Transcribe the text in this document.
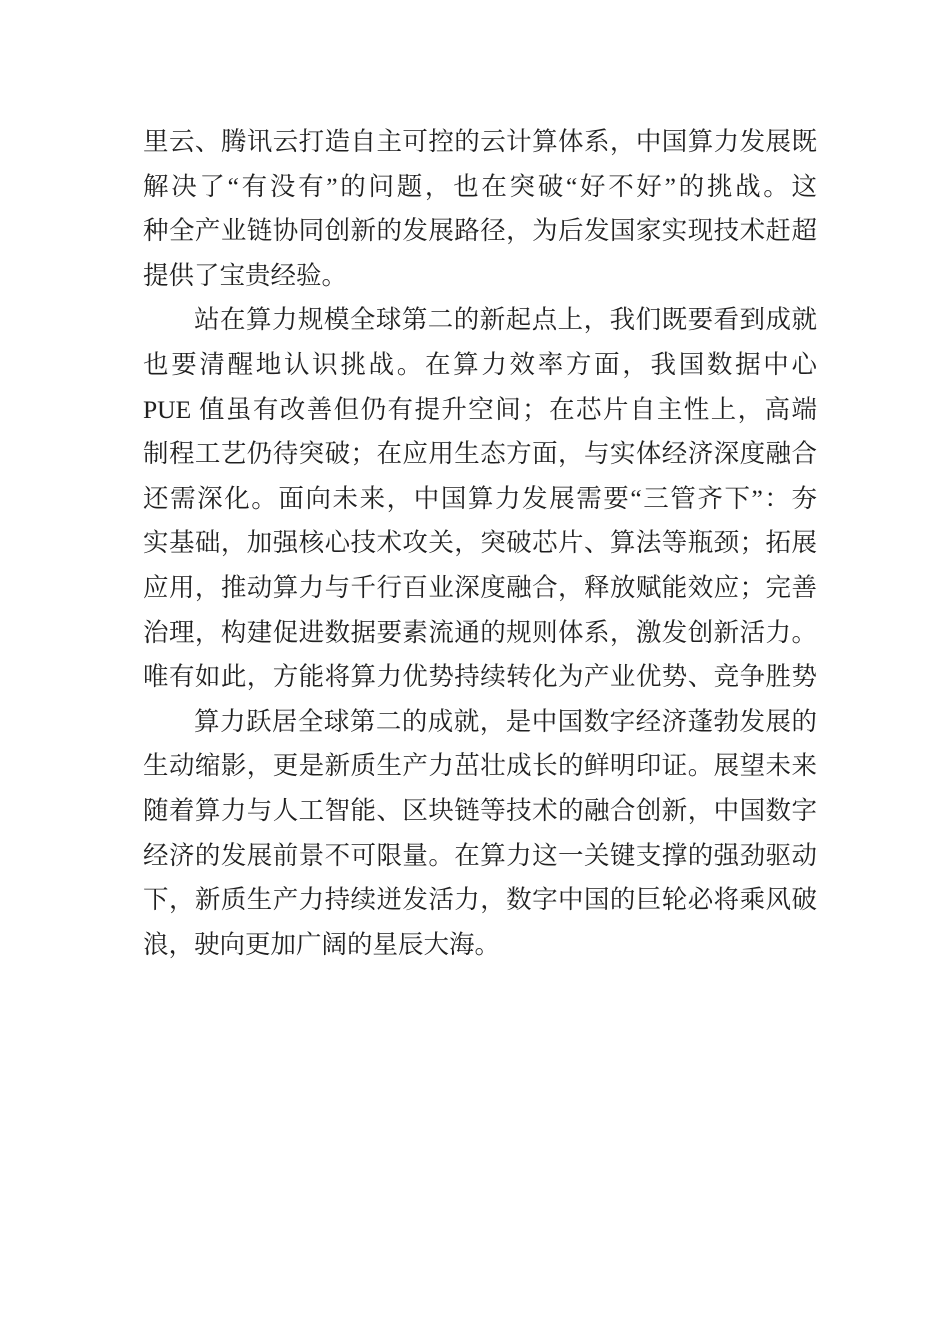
里云、腾讯云打造自主可控的云计算体系，中国算力发展既
解决了“有没有”的问题，也在突破“好不好”的挑战。这
种全产业链协同创新的发展路径，为后发国家实现技术赶超
提供了宝贵经验。
站在算力规模全球第二的新起点上，我们既要看到成就
也要清醒地认识挑战。在算力效率方面，我国数据中心
PUE 值虽有改善但仍有提升空间；在芯片自主性上，高端
制程工艺仍待突破；在应用生态方面，与实体经济深度融合
还需深化。面向未来，中国算力发展需要“三管齐下”：夯
实基础，加强核心技术攻关，突破芯片、算法等瓶颈；拓展
应用，推动算力与千行百业深度融合，释放赋能效应；完善
治理，构建促进数据要素流通的规则体系，激发创新活力。
唯有如此，方能将算力优势持续转化为产业优势、竞争胜势
算力跃居全球第二的成就，是中国数字经济蓬勃发展的
生动缩影，更是新质生产力茁壮成长的鲜明印证。展望未来
随着算力与人工智能、区块链等技术的融合创新，中国数字
经济的发展前景不可限量。在算力这一关键支撑的强劲驱动
下，新质生产力持续迸发活力，数字中国的巨轮必将乘风破
浪，驶向更加广阔的星辰大海。
